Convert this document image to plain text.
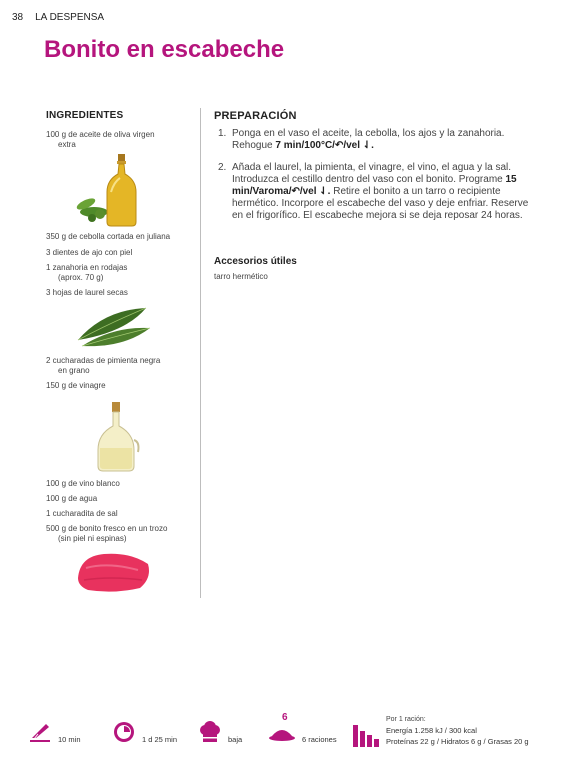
38 LA DESPENSA
Bonito en escabeche
INGREDIENTES
100 g de aceite de oliva virgen
extra
350 g de cebolla cortada en juliana
3 dientes de ajo con piel
1 zanahoria en rodajas
(aprox. 70 g)
3 hojas de laurel secas
2 cucharadas de pimienta negra
en grano
150 g de vinagre
100 g de vino blanco
100 g de agua
1 cucharadita de sal
500 g de bonito fresco en un trozo
(sin piel ni espinas)
PREPARACIÓN
1. Ponga en el vaso el aceite, la cebolla, los ajos y la zanahoria. Rehogue 7 min/100°C/↶/vel ⇃.
2. Añada el laurel, la pimienta, el vinagre, el vino, el agua y la sal. Introduzca el cestillo dentro del vaso con el bonito. Programe 15 min/Varoma/↶/vel ⇃. Retire el bonito a un tarro o recipiente hermético. Incorpore el escabeche del vaso y deje enfriar. Reserve en el frigorífico. El escabeche mejora si se deja reposar 24 horas.
Accesorios útiles
tarro hermético
10 min	1 d 25 min	baja
6
6 raciones
Por 1 ración:
Energía 1.258 kJ / 300 kcal
Proteínas 22 g / Hidratos 6 g / Grasas 20 g
